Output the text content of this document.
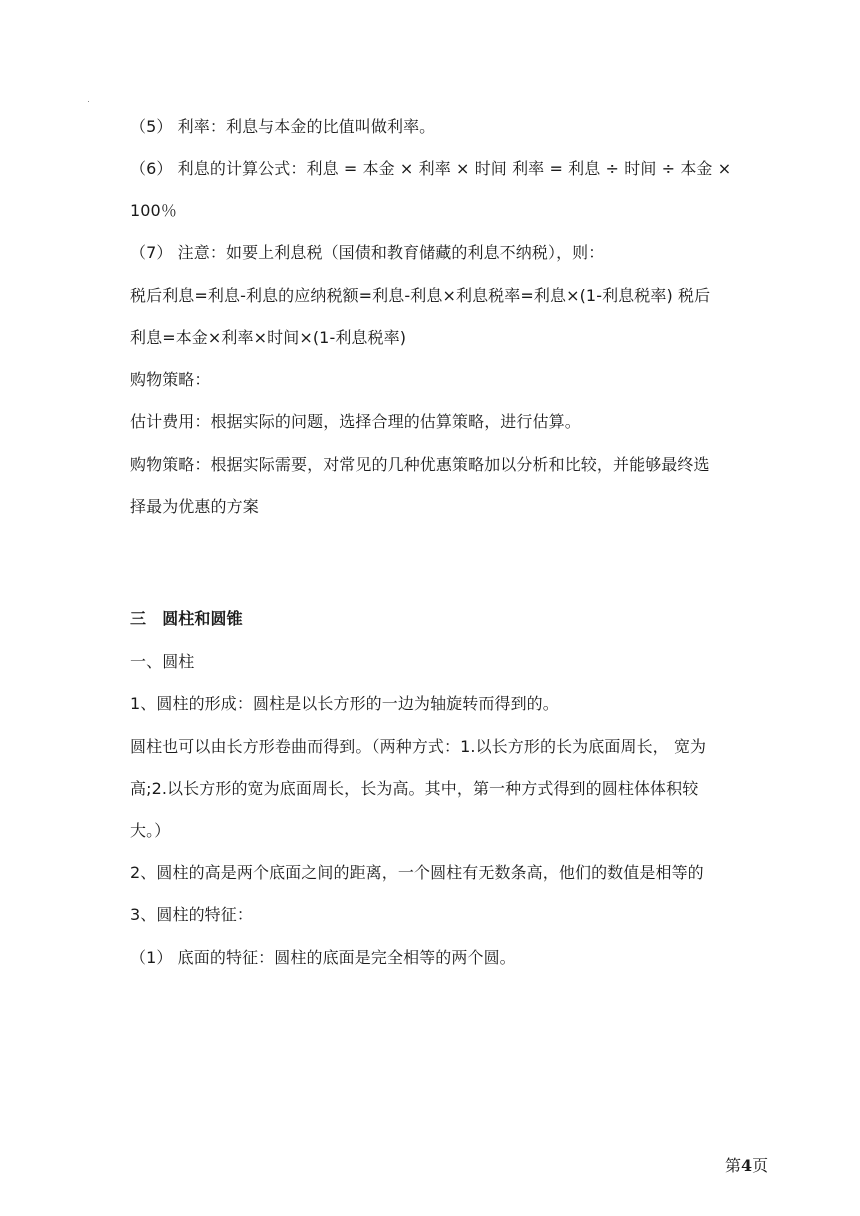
（5） 利率：利息与本金的比值叫做利率。
（6） 利息的计算公式：利息 = 本金 × 利率 × 时间 利率 = 利息 ÷ 时间 ÷ 本金 ×
100％
（7） 注意：如要上利息税（国债和教育储藏的利息不纳税），则：
税后利息=利息-利息的应纳税额=利息-利息×利息税率=利息×(1-利息税率) 税后
利息=本金×利率×时间×(1-利息税率)
购物策略：
估计费用：根据实际的问题，选择合理的估算策略，进行估算。
购物策略：根据实际需要，对常见的几种优惠策略加以分析和比较，并能够最终选
择最为优惠的方案
三　圆柱和圆锥
一、圆柱
1、圆柱的形成：圆柱是以长方形的一边为轴旋转而得到的。
圆柱也可以由长方形卷曲而得到。（两种方式：1.以长方形的长为底面周长， 宽为
高;2.以长方形的宽为底面周长，长为高。其中，第一种方式得到的圆柱体体积较
大。）
2、圆柱的高是两个底面之间的距离，一个圆柱有无数条高，他们的数值是相等的
3、圆柱的特征：
（1） 底面的特征：圆柱的底面是完全相等的两个圆。
第4页
